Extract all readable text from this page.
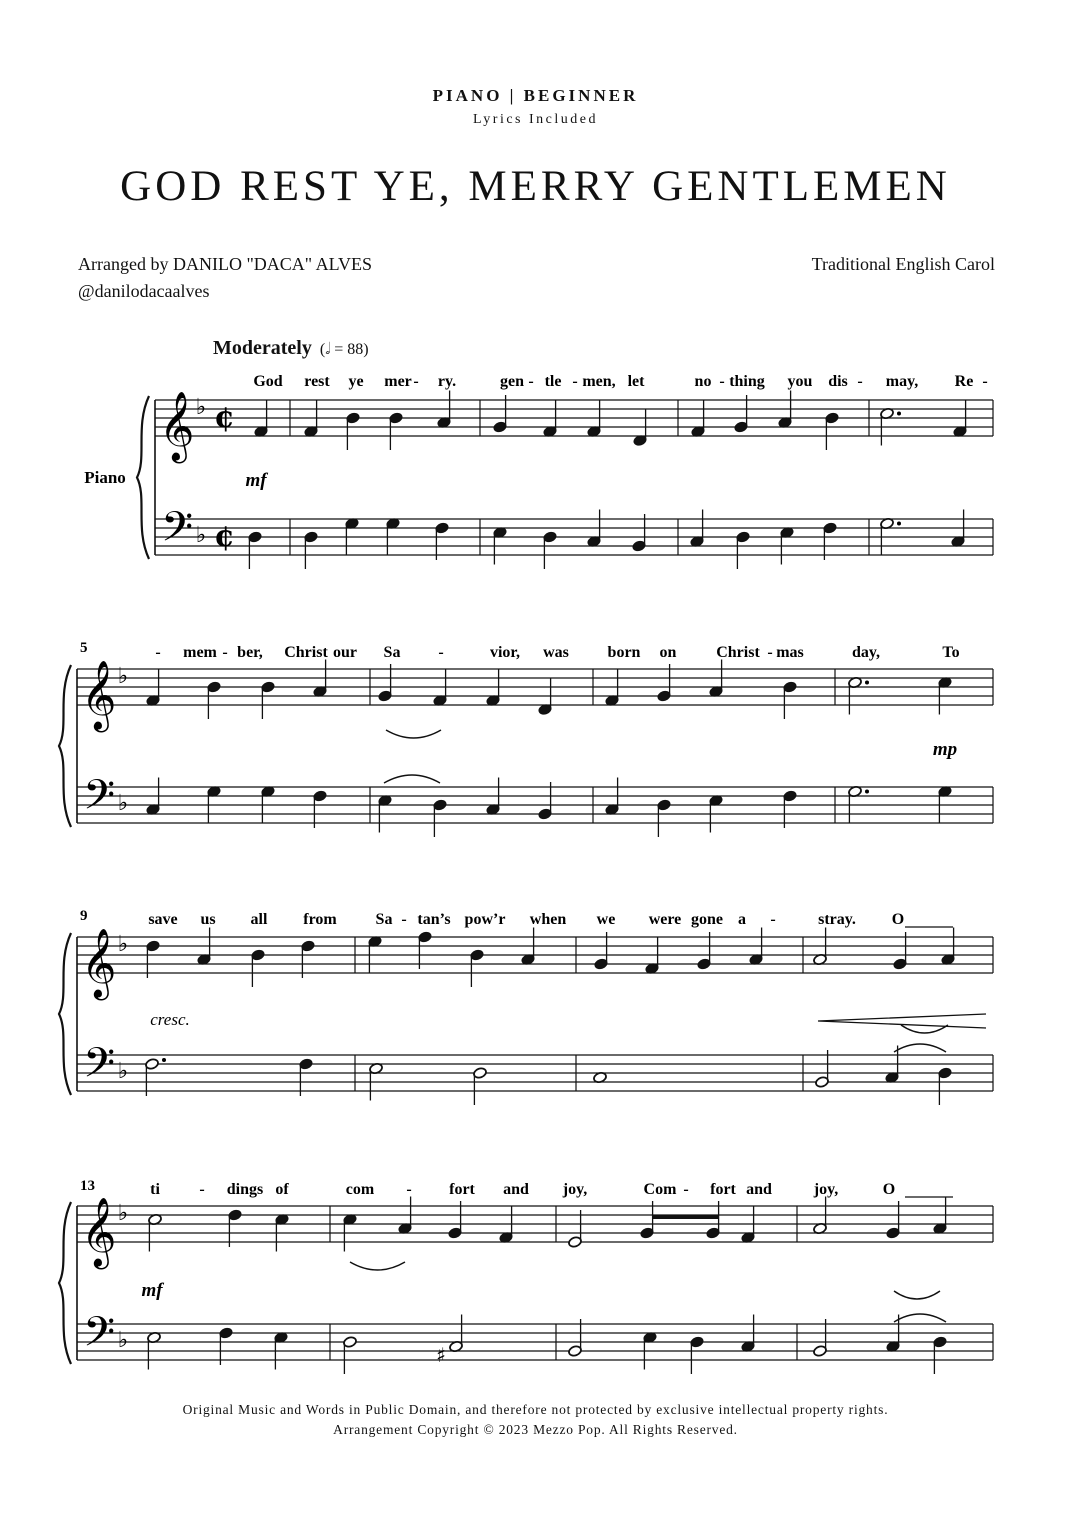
PIANO | BEGINNER
Lyrics Included
GOD REST YE, MERRY GENTLEMEN
Arranged by DANILO "DACA" ALVES
@danilodacaalves
Traditional English Carol
Moderately (𝅗𝅥 = 88)
𝄞
𝄢
♭
♭
¢
¢
God rest ye mer - ry.	gen - tle - men, let	no - thing you dis - may, Re -
𝄞
𝄢
♭
♭
5	- mem - ber, Christ our Sa -	vior, was born on Christ - mas	day,	To
𝄞
𝄢
♭
♭
9	save us all from Sa - tan’s pow’r when we were gone a -	stray. O
𝄞
𝄢
♭
♭
13	ti - dings of	com - fort and joy,	Com - fort and	joy,	O
Piano	mf
mp
cresc.
mf
♯
Original Music and Words in Public Domain, and therefore not protected by exclusive intellectual property rights.
Arrangement Copyright © 2023 Mezzo Pop. All Rights Reserved.
